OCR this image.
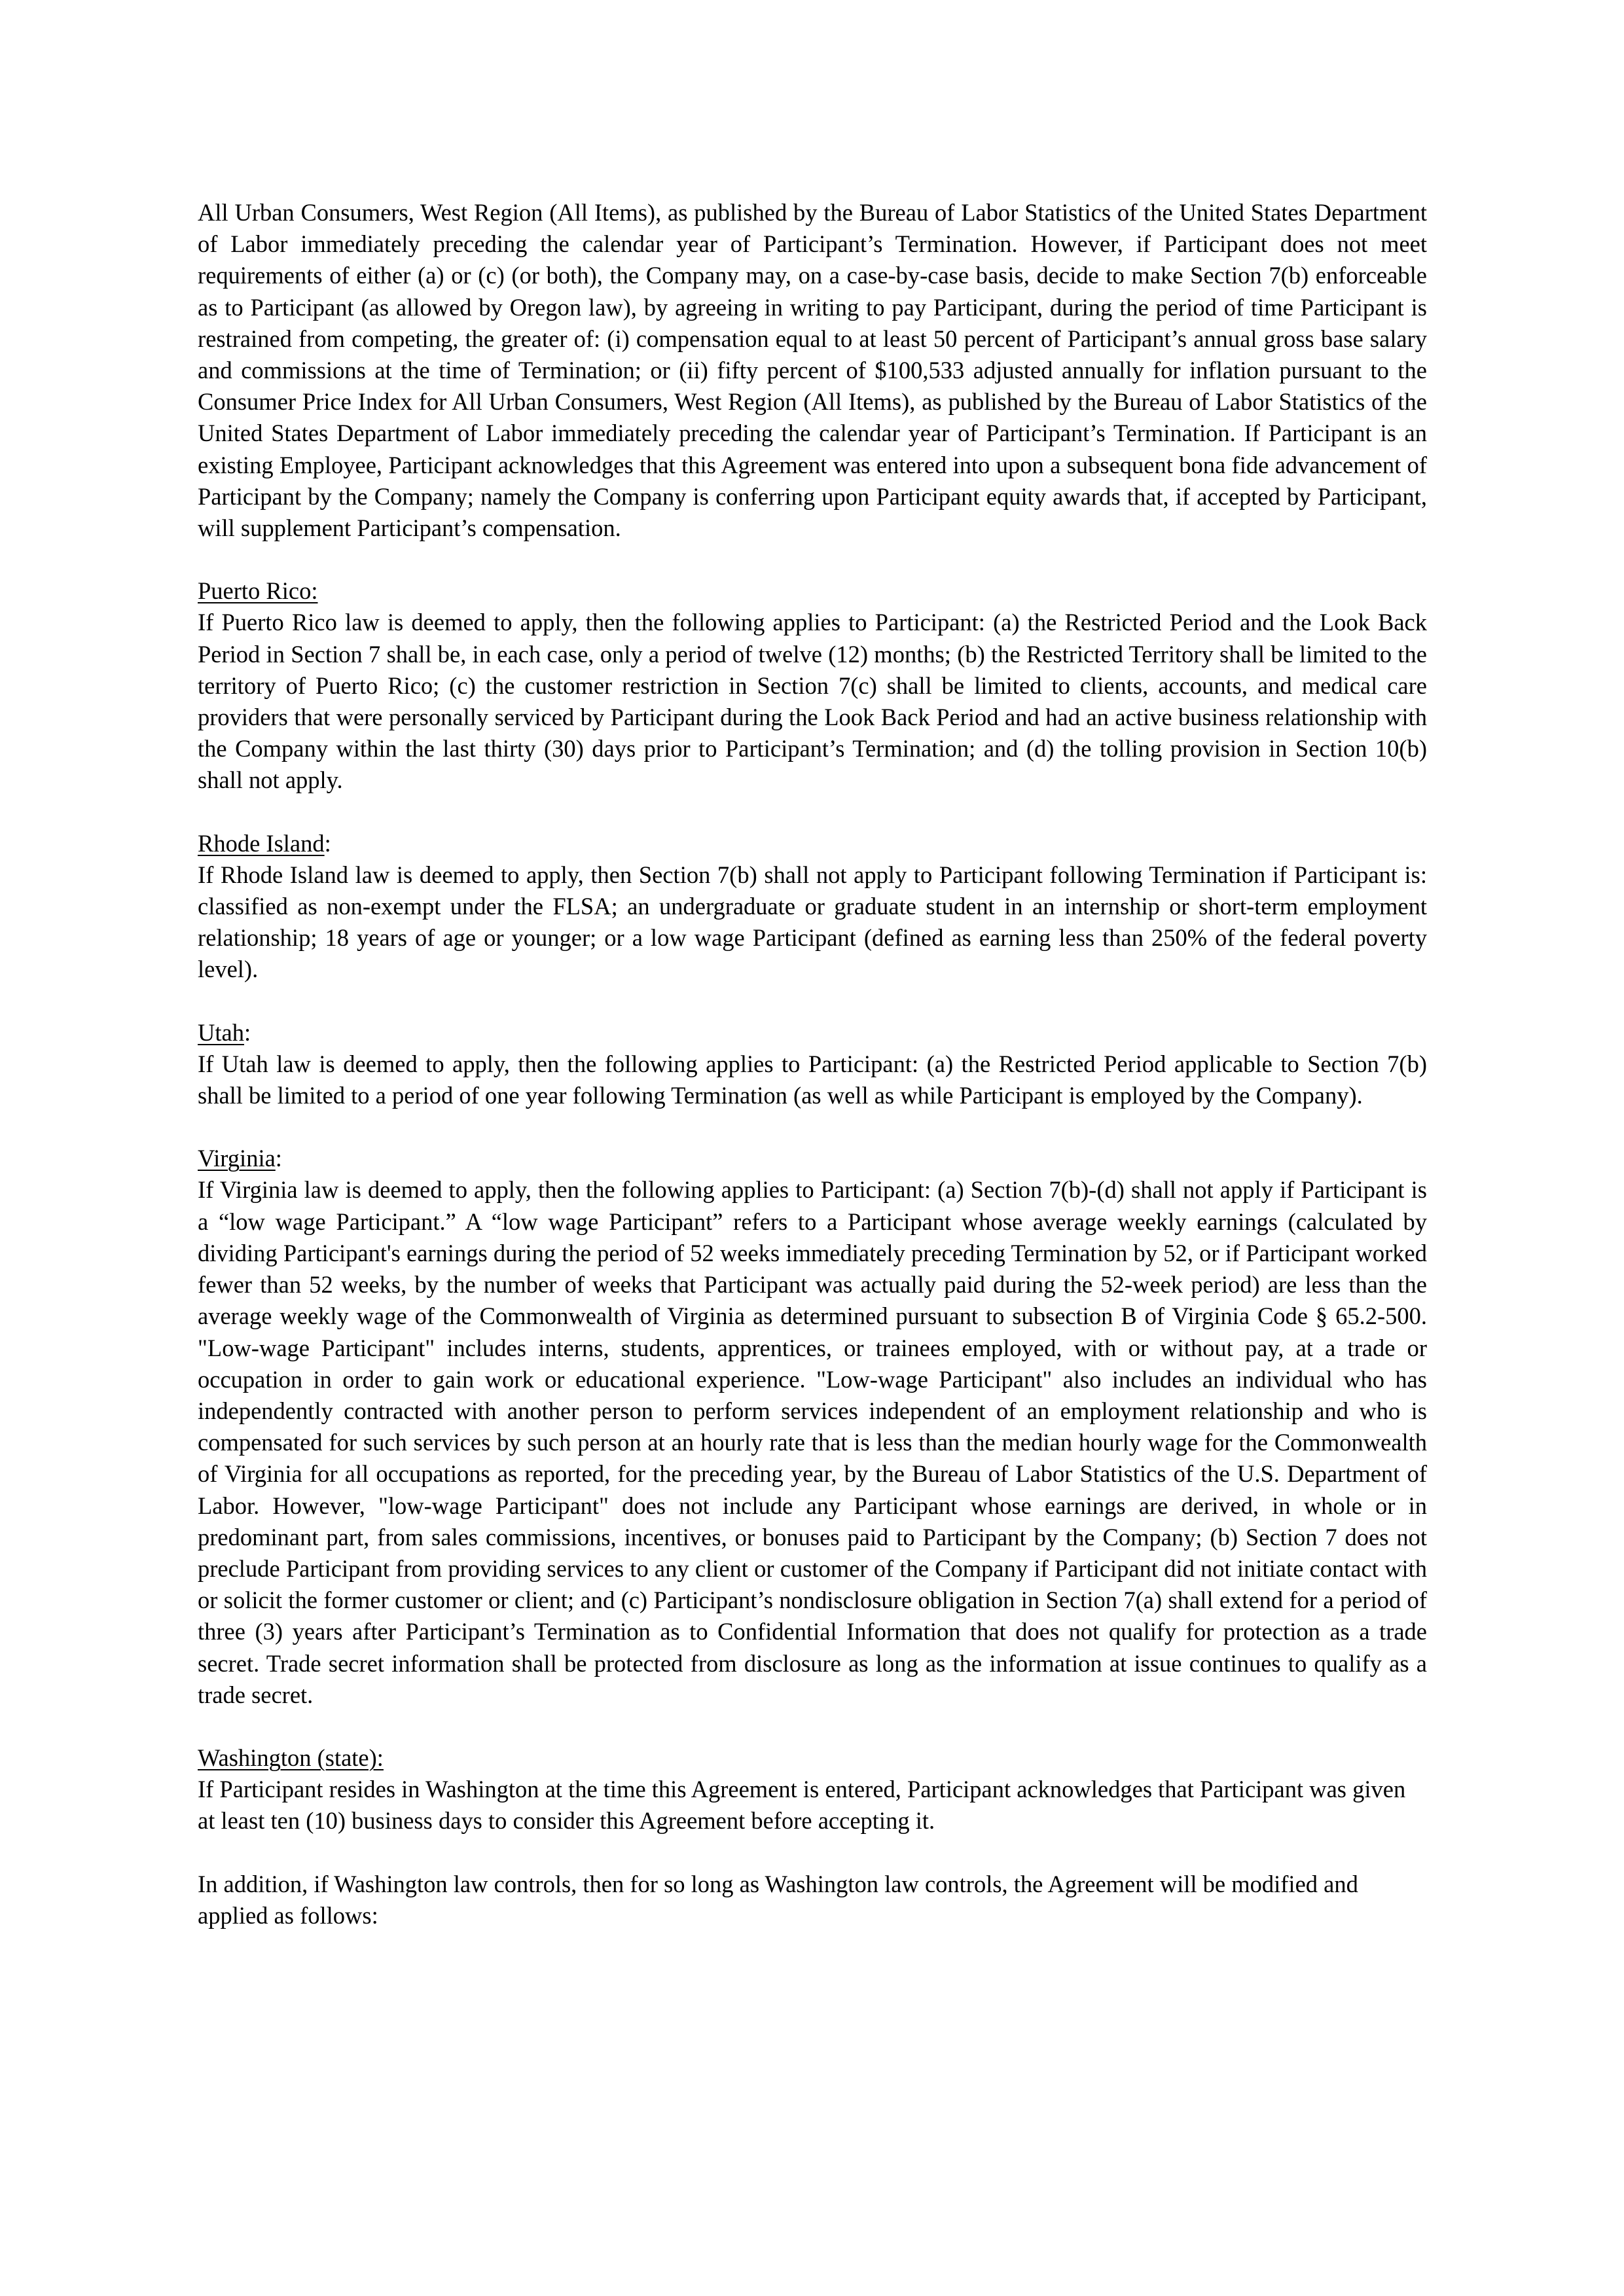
All Urban Consumers, West Region (All Items), as published by the Bureau of Labor Statistics of the United States Department of Labor immediately preceding the calendar year of Participant’s Termination. However, if Participant does not meet requirements of either (a) or (c) (or both), the Company may, on a case-by-case basis, decide to make Section 7(b) enforceable as to Participant (as allowed by Oregon law), by agreeing in writing to pay Participant, during the period of time Participant is restrained from competing, the greater of: (i) compensation equal to at least 50 percent of Participant’s annual gross base salary and commissions at the time of Termination; or (ii) fifty percent of $100,533 adjusted annually for inflation pursuant to the Consumer Price Index for All Urban Consumers, West Region (All Items), as published by the Bureau of Labor Statistics of the United States Department of Labor immediately preceding the calendar year of Participant’s Termination. If Participant is an existing Employee, Participant acknowledges that this Agreement was entered into upon a subsequent bona fide advancement of Participant by the Company; namely the Company is conferring upon Participant equity awards that, if accepted by Participant, will supplement Participant’s compensation.

Puerto Rico:

If Puerto Rico law is deemed to apply, then the following applies to Participant: (a) the Restricted Period and the Look Back Period in Section 7 shall be, in each case, only a period of twelve (12) months; (b) the Restricted Territory shall be limited to the territory of Puerto Rico; (c) the customer restriction in Section 7(c) shall be limited to clients, accounts, and medical care providers that were personally serviced by Participant during the Look Back Period and had an active business relationship with the Company within the last thirty (30) days prior to Participant’s Termination; and (d) the tolling provision in Section 10(b) shall not apply.

Rhode Island:

If Rhode Island law is deemed to apply, then Section 7(b) shall not apply to Participant following Termination if Participant is: classified as non-exempt under the FLSA; an undergraduate or graduate student in an internship or short-term employment relationship; 18 years of age or younger; or a low wage Participant (defined as earning less than 250% of the federal poverty level).

Utah:

If Utah law is deemed to apply, then the following applies to Participant: (a) the Restricted Period applicable to Section 7(b) shall be limited to a period of one year following Termination (as well as while Participant is employed by the Company).

Virginia:

If Virginia law is deemed to apply, then the following applies to Participant: (a) Section 7(b)-(d) shall not apply if Participant is a “low wage Participant.” A “low wage Participant” refers to a Participant whose average weekly earnings (calculated by dividing Participant's earnings during the period of 52 weeks immediately preceding Termination by 52, or if Participant worked fewer than 52 weeks, by the number of weeks that Participant was actually paid during the 52-week period) are less than the average weekly wage of the Commonwealth of Virginia as determined pursuant to subsection B of Virginia Code § 65.2-500. "Low-wage Participant" includes interns, students, apprentices, or trainees employed, with or without pay, at a trade or occupation in order to gain work or educational experience. "Low-wage Participant" also includes an individual who has independently contracted with another person to perform services independent of an employment relationship and who is compensated for such services by such person at an hourly rate that is less than the median hourly wage for the Commonwealth of Virginia for all occupations as reported, for the preceding year, by the Bureau of Labor Statistics of the U.S. Department of Labor. However, "low-wage Participant" does not include any Participant whose earnings are derived, in whole or in predominant part, from sales commissions, incentives, or bonuses paid to Participant by the Company; (b) Section 7 does not preclude Participant from providing services to any client or customer of the Company if Participant did not initiate contact with or solicit the former customer or client; and (c) Participant’s nondisclosure obligation in Section 7(a) shall extend for a period of three (3) years after Participant’s Termination as to Confidential Information that does not qualify for protection as a trade secret. Trade secret information shall be protected from disclosure as long as the information at issue continues to qualify as a trade secret.

Washington (state):

If Participant resides in Washington at the time this Agreement is entered, Participant acknowledges that Participant was given at least ten (10) business days to consider this Agreement before accepting it.

In addition, if Washington law controls, then for so long as Washington law controls, the Agreement will be modified and applied as follows:
